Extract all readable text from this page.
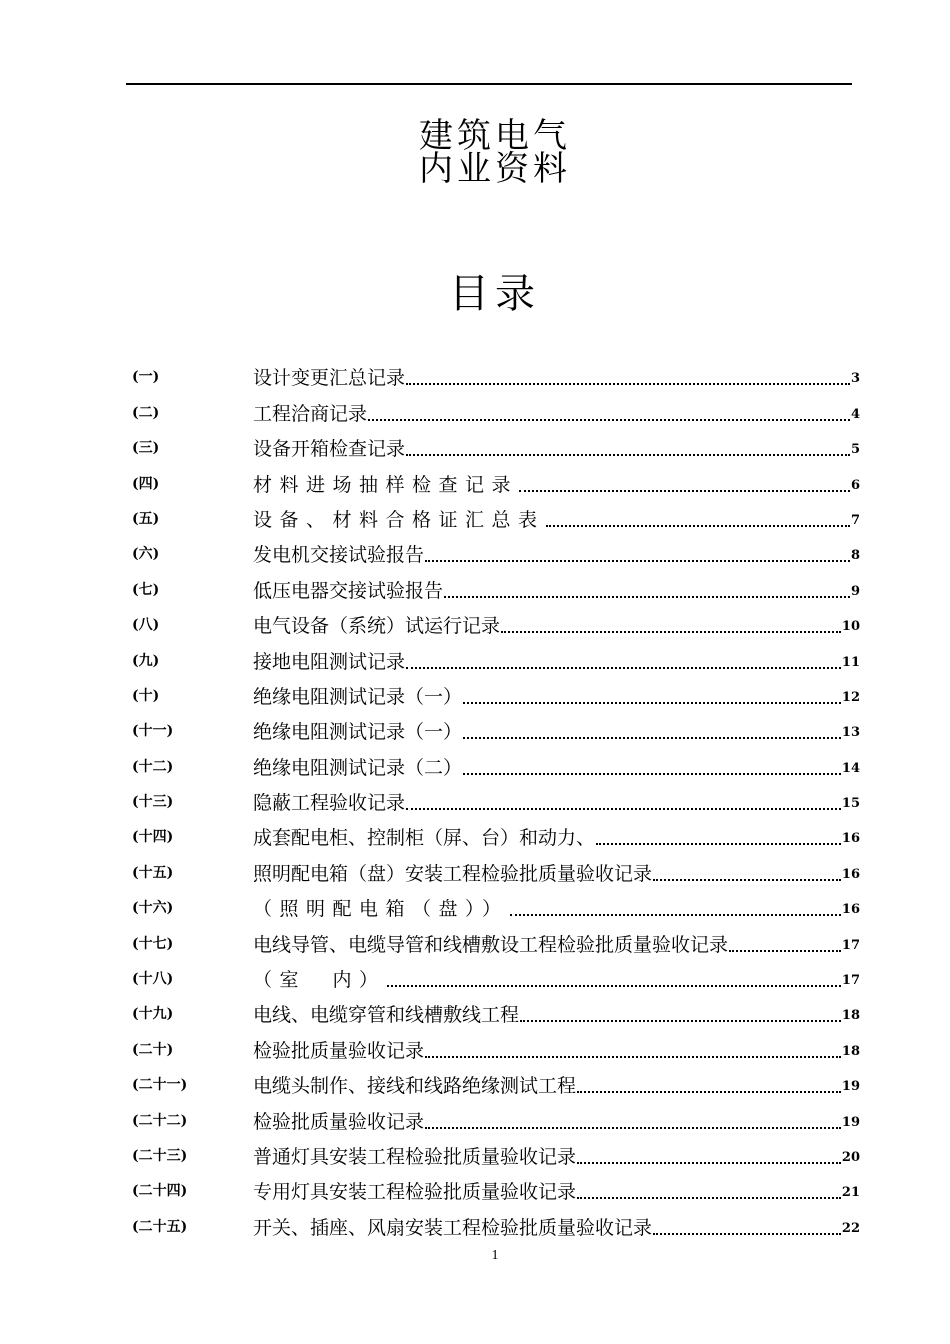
建筑电气
内业资料
目录
(一)	设计变更汇总记录	3
(二)	工程洽商记录	4
(三)	设备开箱检查记录	5
(四)	材料进场抽样检查记录	6
(五)	设备、材料合格证汇总表	7
(六)	发电机交接试验报告	8
(七)	低压电器交接试验报告	9
(八)	电气设备（系统）试运行记录	10
(九)	接地电阻测试记录	11
(十)	绝缘电阻测试记录（一）	12
(十一)	绝缘电阻测试记录（一）	13
(十二)	绝缘电阻测试记录（二）	14
(十三)	隐蔽工程验收记录	15
(十四)	成套配电柜、控制柜（屏、台）和动力、	16
(十五)	照明配电箱（盘）安装工程检验批质量验收记录	16
(十六)	（照明配电箱（盘））	16
(十七)	电线导管、电缆导管和线槽敷设工程检验批质量验收记录	17
(十八)	（室　内）	17
(十九)	电线、电缆穿管和线槽敷线工程	18
(二十)	检验批质量验收记录	18
(二十一)	电缆头制作、接线和线路绝缘测试工程	19
(二十二)	检验批质量验收记录	19
(二十三)	普通灯具安装工程检验批质量验收记录	20
(二十四)	专用灯具安装工程检验批质量验收记录	21
(二十五)	开关、插座、风扇安装工程检验批质量验收记录	22
1
